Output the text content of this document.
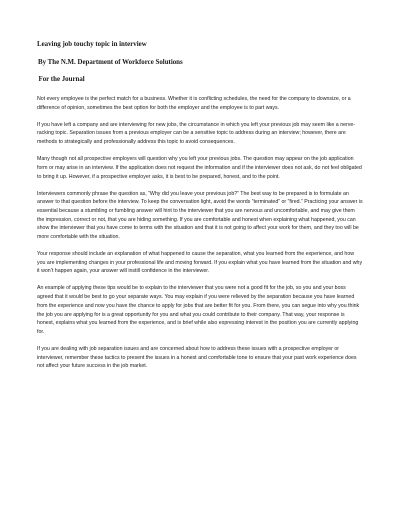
Leaving job touchy topic in interview

By The N.M. Department of Workforce Solutions

For the Journal

Not every employee is the perfect match for a business. Whether it is conflicting schedules, the need for the company to downsize, or a difference of opinion, sometimes the best option for both the employer and the employee is to part ways.

If you have left a company and are interviewing for new jobs, the circumstance in which you left your previous job may seem like a nerve-racking topic. Separation issues from a previous employer can be a sensitive topic to address during an interview; however, there are methods to strategically and professionally address this topic to avoid consequences.

Many though not all prospective employers will question why you left your previous jobs. The question may appear on the job application form or may arise in an interview. If the application does not request the information and if the interviewer does not ask, do not feel obligated to bring it up. However, if a prospective employer asks, it is best to be prepared, honest, and to the point.

Interviewers commonly phrase the question as, “Why did you leave your previous job?” The best way to be prepared is to formulate an answer to that question before the interview. To keep the conversation light, avoid the words “terminated” or “fired.” Practicing your answer is essential because a stumbling or fumbling answer will hint to the interviewer that you are nervous and uncomfortable, and may give them the impression, correct or not, that you are hiding something. If you are comfortable and honest when explaining what happened, you can show the interviewer that you have come to terms with the situation and that it is not going to affect your work for them, and they too will be more comfortable with the situation.

Your response should include an explanation of what happened to cause the separation, what you learned from the experience, and how you are implementing changes in your professional life and moving forward. If you explain what you have learned from the situation and why it won’t happen again, your answer will instill confidence in the interviewer.

An example of applying these tips would be to explain to the interviewer that you were not a good fit for the job, so you and your boss agreed that it would be best to go your separate ways. You may explain if you were relieved by the separation because you have learned from the experience and now you have the chance to apply for jobs that are better fit for you. From there, you can segue into why you think the job you are applying for is a great opportunity for you and what you could contribute to their company. That way, your response is honest, explains what you learned from the experience, and is brief while also expressing interest in the position you are currently applying for.

If you are dealing with job separation issues and are concerned about how to address these issues with a prospective employer or interviewer, remember these tactics to present the issues in a honest and comfortable tone to ensure that your past work experience does not affect your future success in the job market.
